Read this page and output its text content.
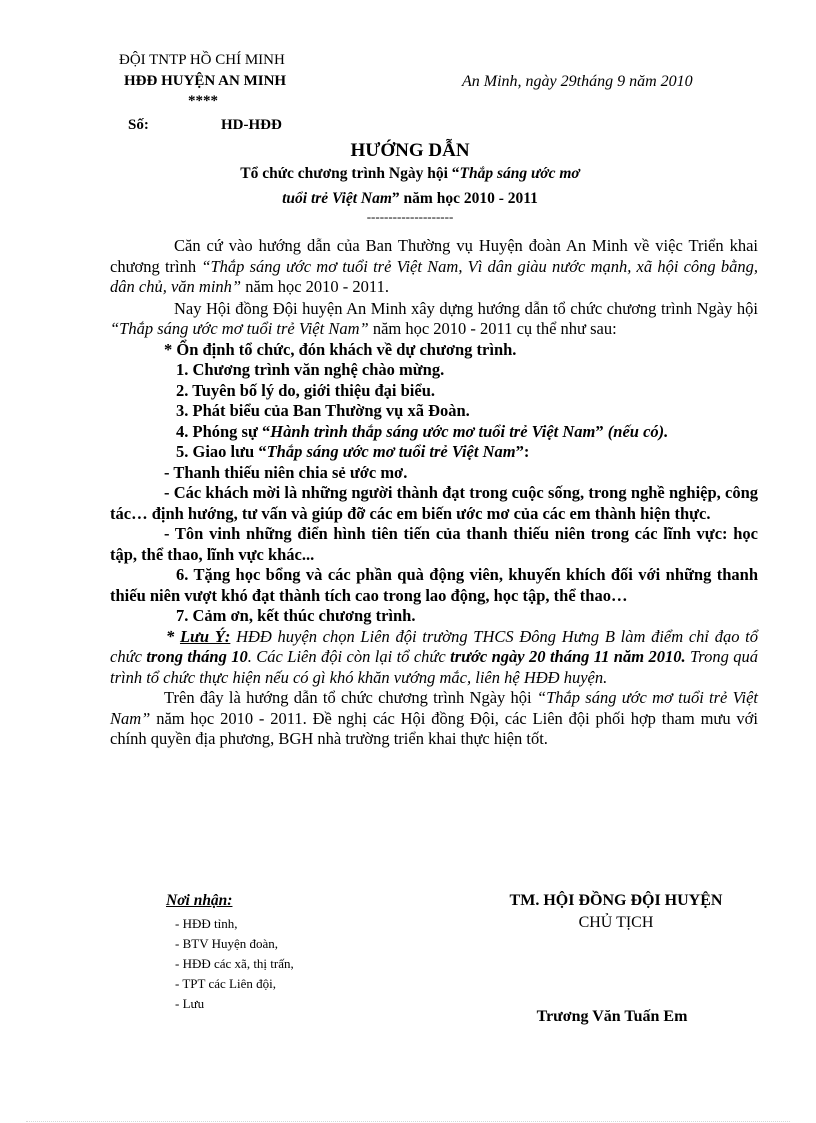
ĐỘI TNTP HỒ CHÍ MINH
HĐĐ HUYỆN AN MINH
****
Số:	HD-HĐĐ
An Minh, ngày 29tháng 9 năm 2010
HƯỚNG DẪN
Tổ chức chương trình Ngày hội “Thắp sáng ước mơ
tuổi trẻ Việt Nam” năm học 2010 - 2011
--------------------

Căn cứ vào hướng dẫn của Ban Thường vụ Huyện đoàn An Minh về việc Triển khai chương trình “Thắp sáng ước mơ tuổi trẻ Việt Nam, Vì dân giàu nước mạnh, xã hội công bằng, dân chủ, văn minh” năm học 2010 - 2011.

Nay Hội đồng Đội huyện An Minh xây dựng hướng dẫn tổ chức chương trình Ngày hội “Thắp sáng ước mơ tuổi trẻ Việt Nam” năm học 2010 - 2011 cụ thể như sau:

* Ổn định tổ chức, đón khách về dự chương trình.

1. Chương trình văn nghệ chào mừng.

2. Tuyên bố lý do, giới thiệu đại biểu.

3. Phát biểu của Ban Thường vụ xã Đoàn.

4. Phóng sự “Hành trình thắp sáng ước mơ tuổi trẻ Việt Nam” (nếu có).

5. Giao lưu “Thắp sáng ước mơ tuổi trẻ Việt Nam”:

- Thanh thiếu niên chia sẻ ước mơ.

- Các khách mời là những người thành đạt trong cuộc sống, trong nghề nghiệp, công tác… định hướng, tư vấn và giúp đỡ các em biến ước mơ của các em thành hiện thực.

- Tôn vinh những điển hình tiên tiến của thanh thiếu niên trong các lĩnh vực: học tập, thể thao, lĩnh vực khác...

6. Tặng học bổng và các phần quà động viên, khuyến khích đối với những thanh thiếu niên vượt khó đạt thành tích cao trong lao động, học tập, thể thao…

7. Cảm ơn, kết thúc chương trình.

* Lưu Ý: HĐĐ huyện chọn Liên đội trường THCS Đông Hưng B làm điểm chỉ đạo tổ chức trong tháng 10. Các Liên đội còn lại tổ chức trước ngày 20 tháng 11 năm 2010. Trong quá trình tổ chức thực hiện nếu có gì khó khăn vướng mắc, liên hệ HĐĐ huyện.

Trên đây là hướng dẫn tổ chức chương trình Ngày hội “Thắp sáng ước mơ tuổi trẻ Việt Nam” năm học 2010 - 2011. Đề nghị các Hội đồng Đội, các Liên đội phối hợp tham mưu với chính quyền địa phương, BGH nhà trường triển khai thực hiện tốt.

Nơi nhận:
- HĐĐ tỉnh,
- BTV Huyện đoàn,
- HĐĐ các xã, thị trấn,
- TPT các Liên đội,
- Lưu
TM. HỘI ĐỒNG ĐỘI HUYỆN
CHỦ TỊCH
Trương Văn Tuấn Em
